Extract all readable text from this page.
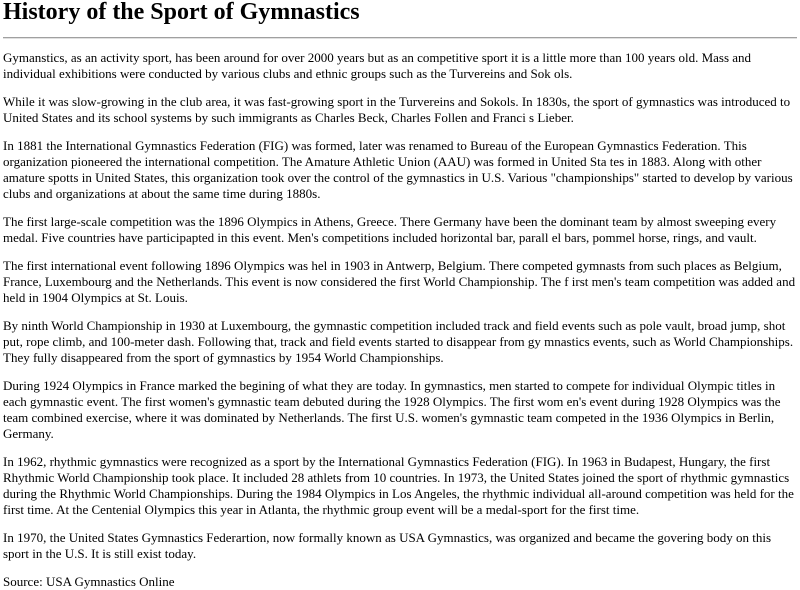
History of the Sport of Gymnastics

Gymanstics, as an activity sport, has been around for over 2000 years but as an competitive sport it is a little more than 100 years old. Mass and individual exhibitions were conducted by various clubs and ethnic groups such as the Turvereins and Sok ols.

While it was slow-growing in the club area, it was fast-growing sport in the Turvereins and Sokols. In 1830s, the sport of gymnastics was introduced to United States and its school systems by such immigrants as Charles Beck, Charles Follen and Franci s Lieber.

In 1881 the International Gymnastics Federation (FIG) was formed, later was renamed to Bureau of the European Gymnastics Federation. This organization pioneered the international competition. The Amature Athletic Union (AAU) was formed in United Sta tes in 1883. Along with other amature spotts in United States, this organization took over the control of the gymnastics in U.S. Various "championships" started to develop by various clubs and organizations at about the same time during 1880s.

The first large-scale competition was the 1896 Olympics in Athens, Greece. There Germany have been the dominant team by almost sweeping every medal. Five countries have participapted in this event. Men's competitions included horizontal bar, parall el bars, pommel horse, rings, and vault.

The first international event following 1896 Olympics was hel in 1903 in Antwerp, Belgium. There competed gymnasts from such places as Belgium, France, Luxembourg and the Netherlands. This event is now considered the first World Championship. The f irst men's team competition was added and held in 1904 Olympics at St. Louis.

By ninth World Championship in 1930 at Luxembourg, the gymnastic competition included track and field events such as pole vault, broad jump, shot put, rope climb, and 100-meter dash. Following that, track and field events started to disappear from gy mnastics events, such as World Championships. They fully disappeared from the sport of gymnastics by 1954 World Championships.

During 1924 Olympics in France marked the begining of what they are today. In gymnastics, men started to compete for individual Olympic titles in each gymnastic event. The first women's gymnastic team debuted during the 1928 Olympics. The first wom en's event during 1928 Olympics was the team combined exercise, where it was dominated by Netherlands. The first U.S. women's gymnastic team competed in the 1936 Olympics in Berlin, Germany.

In 1962, rhythmic gymnastics were recognized as a sport by the International Gymnastics Federation (FIG). In 1963 in Budapest, Hungary, the first Rhythmic World Championship took place. It included 28 athlets from 10 countries. In 1973, the United States joined the sport of rhythmic gymnastics during the Rhythmic World Championships. During the 1984 Olympics in Los Angeles, the rhythmic individual all-around competition was held for the first time. At the Centenial Olympics this year in Atlanta, the rhythmic group event will be a medal-sport for the first time.

In 1970, the United States Gymnastics Federartion, now formally known as USA Gymnastics, was organized and became the govering body on this sport in the U.S. It is still exist today.

Source: USA Gymnastics Online
